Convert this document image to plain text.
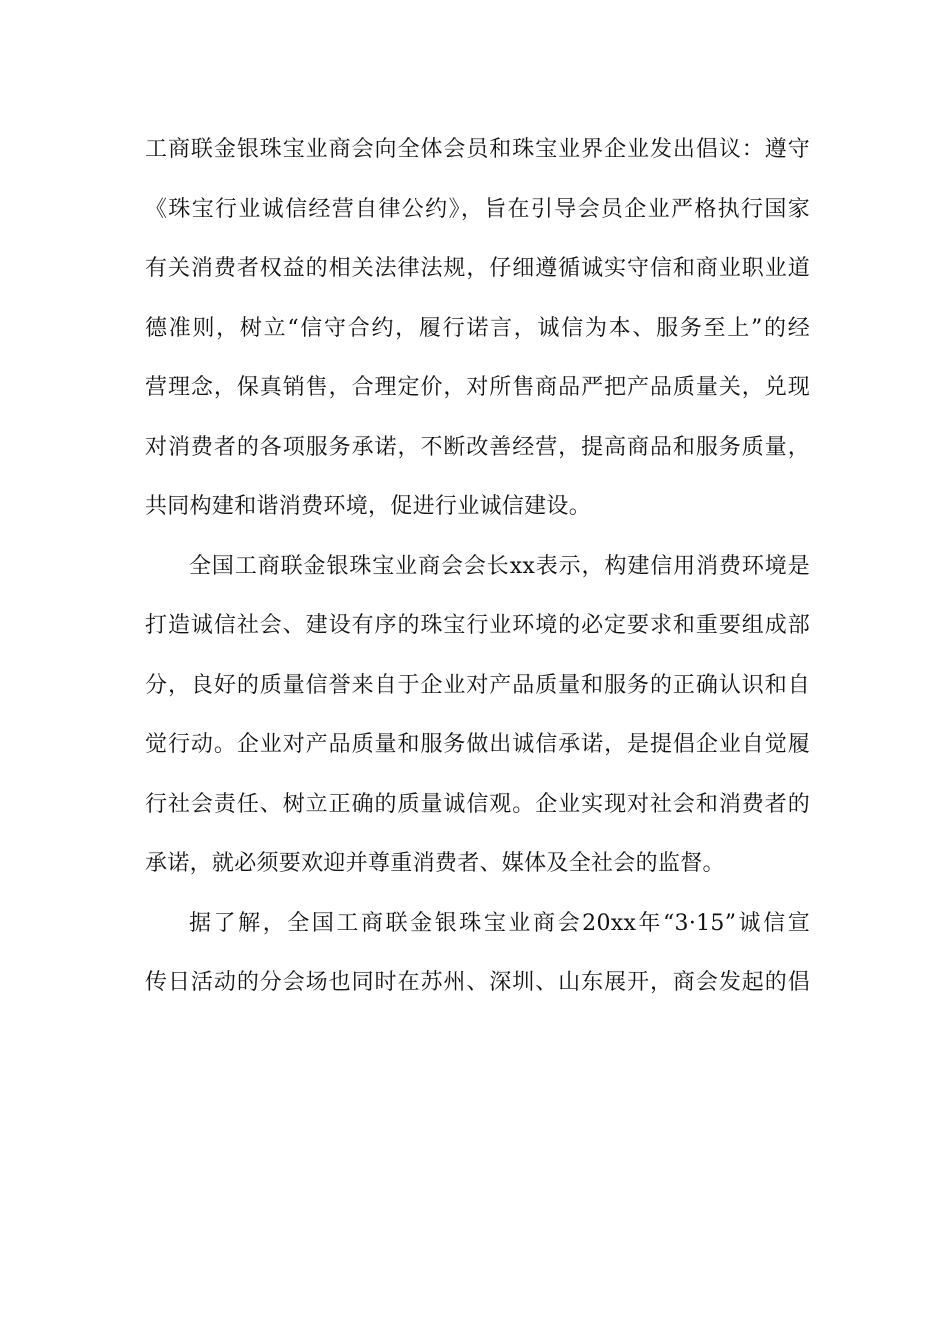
工商联金银珠宝业商会向全体会员和珠宝业界企业发出倡议：遵守
《珠宝行业诚信经营自律公约》，旨在引导会员企业严格执行国家
有关消费者权益的相关法律法规，仔细遵循诚实守信和商业职业道
德准则，树立“信守合约，履行诺言，诚信为本、服务至上”的经
营理念，保真销售，合理定价，对所售商品严把产品质量关，兑现
对消费者的各项服务承诺，不断改善经营，提高商品和服务质量，
共同构建和谐消费环境，促进行业诚信建设。
全国工商联金银珠宝业商会会长xx表示，构建信用消费环境是
打造诚信社会、建设有序的珠宝行业环境的必定要求和重要组成部
分，良好的质量信誉来自于企业对产品质量和服务的正确认识和自
觉行动。企业对产品质量和服务做出诚信承诺，是提倡企业自觉履
行社会责任、树立正确的质量诚信观。企业实现对社会和消费者的
承诺，就必须要欢迎并尊重消费者、媒体及全社会的监督。
据了解，全国工商联金银珠宝业商会20xx年“3·15”诚信宣
传日活动的分会场也同时在苏州、深圳、山东展开，商会发起的倡
